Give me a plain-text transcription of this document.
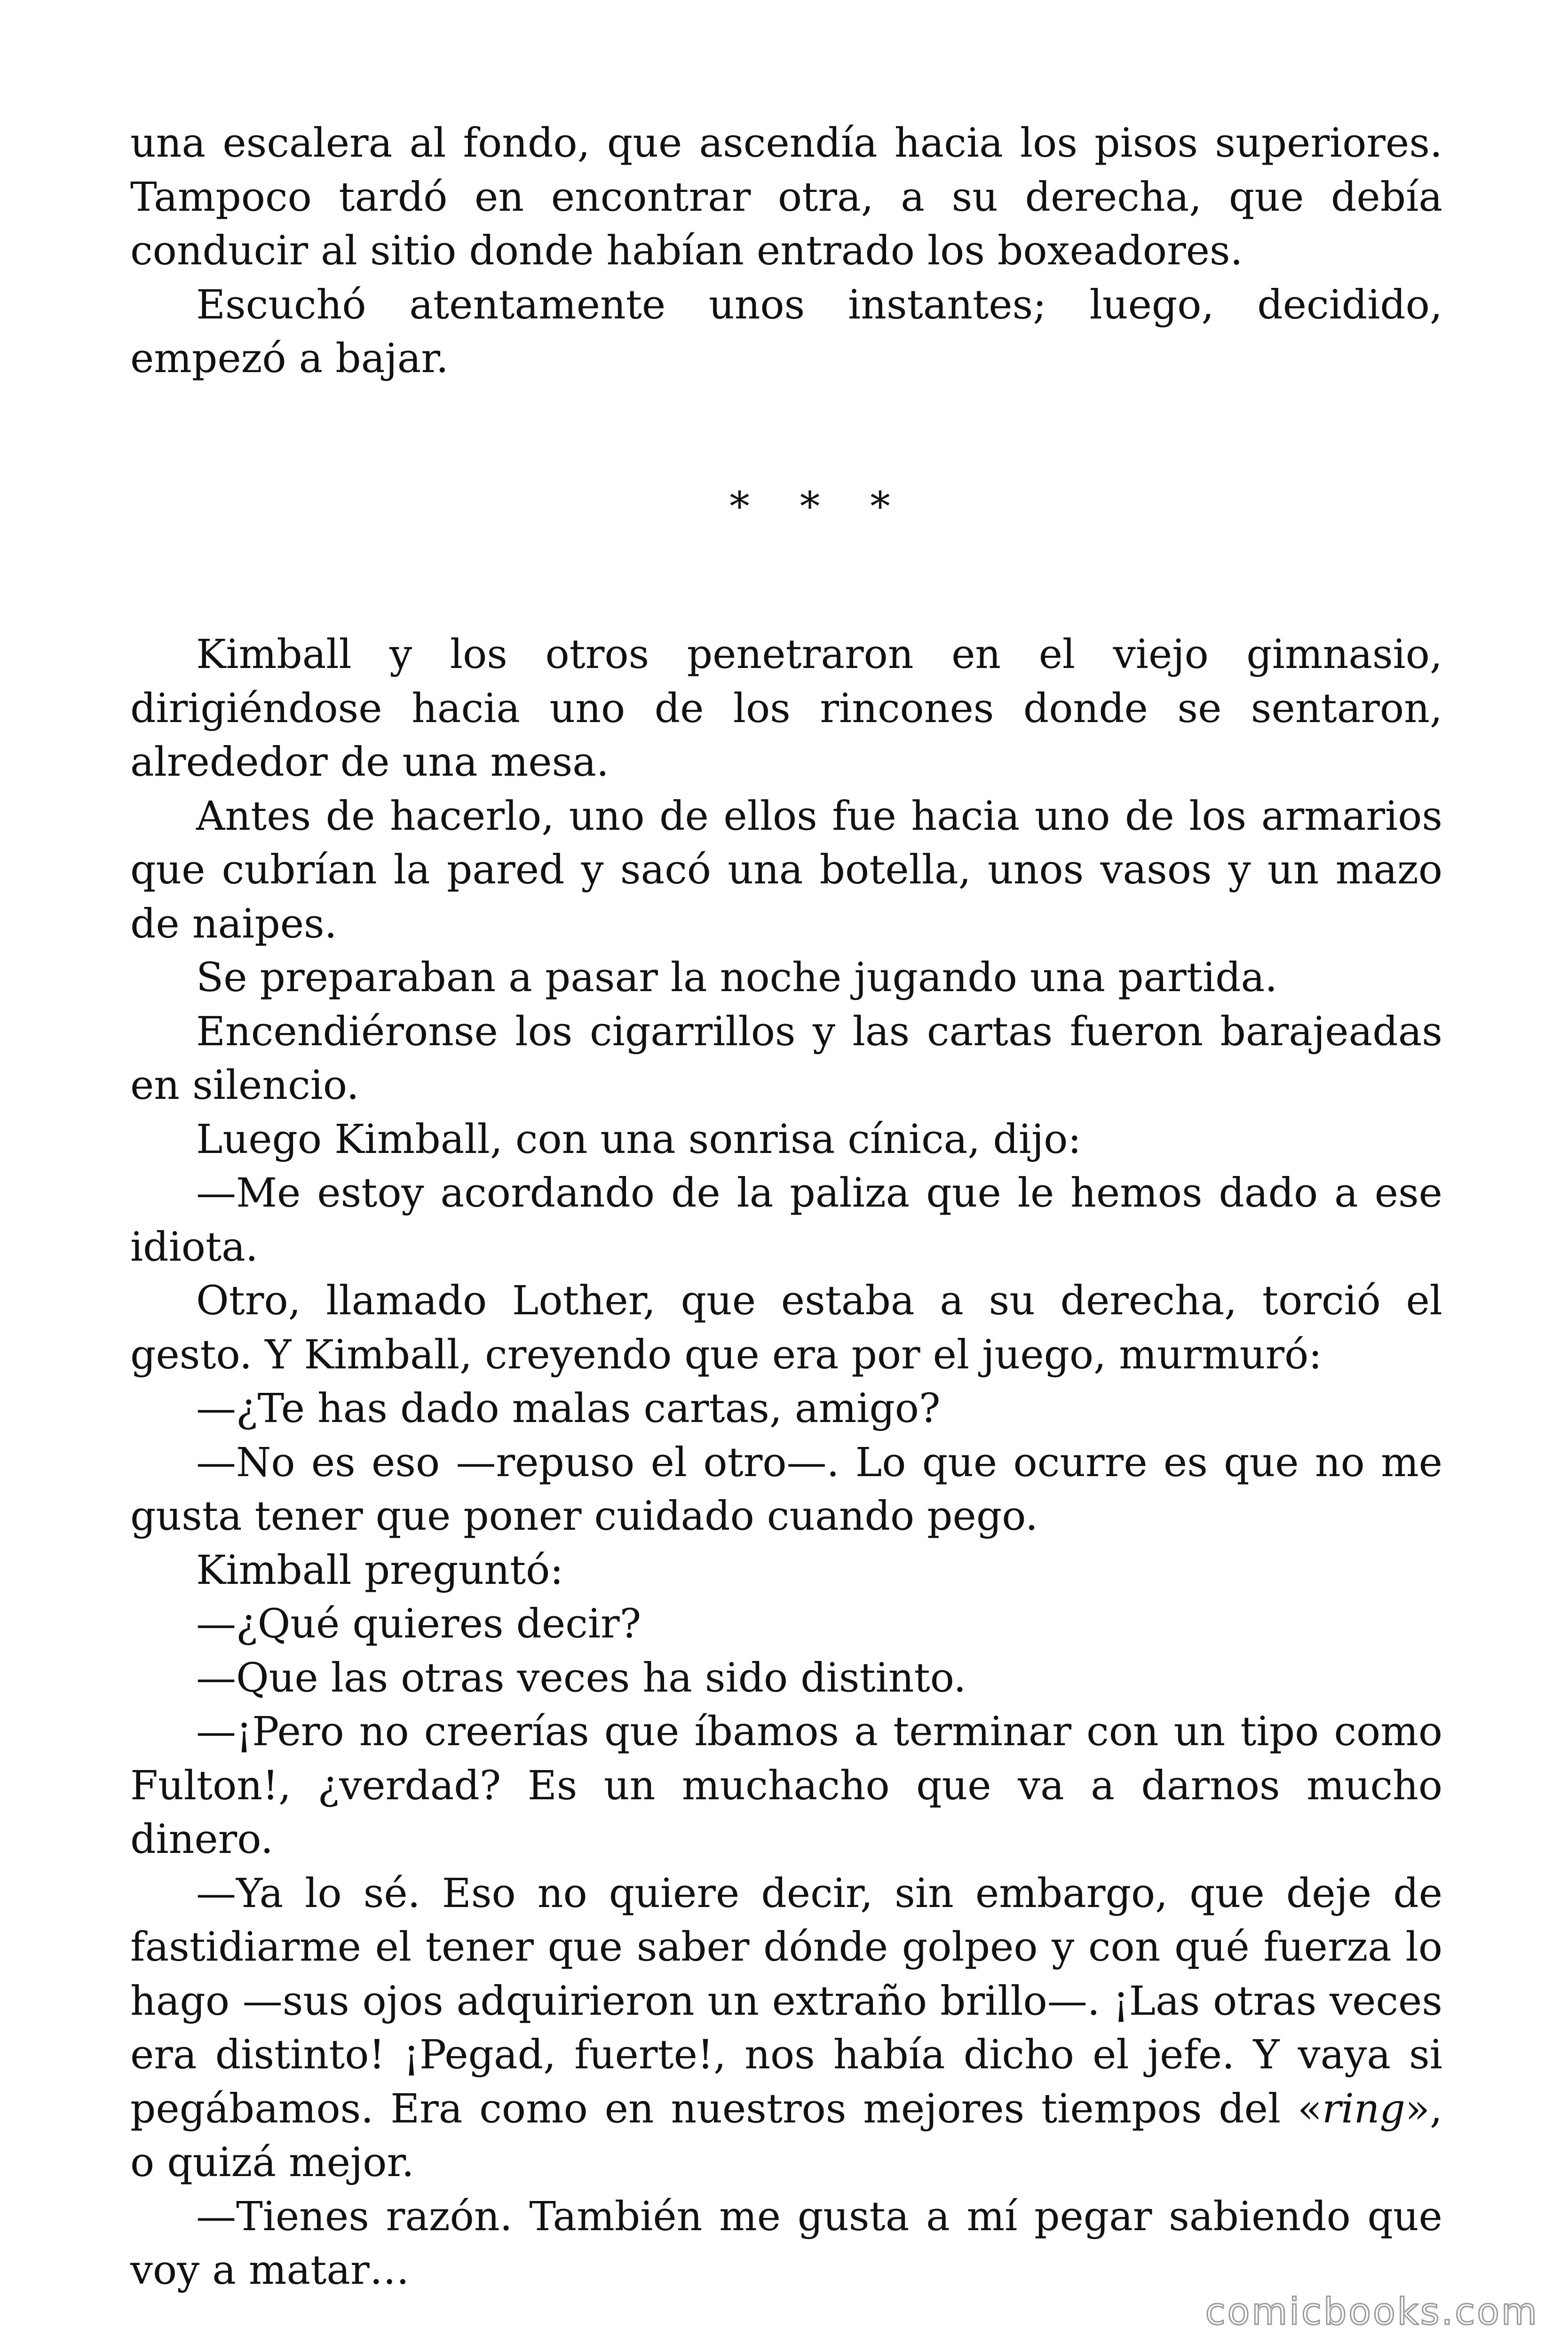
una escalera al fondo, que ascendía hacia los pisos superiores. Tampoco tardó en encontrar otra, a su derecha, que debía conducir al sitio donde habían entrado los boxeadores.

Escuchó atentamente unos instantes; luego, decidido, empezó a bajar.

* * *

Kimball y los otros penetraron en el viejo gimnasio, dirigiéndose hacia uno de los rincones donde se sentaron, alrededor de una mesa.

Antes de hacerlo, uno de ellos fue hacia uno de los armarios que cubrían la pared y sacó una botella, unos vasos y un mazo de naipes.

Se preparaban a pasar la noche jugando una partida.

Encendiéronse los cigarrillos y las cartas fueron barajeadas en silencio.

Luego Kimball, con una sonrisa cínica, dijo:

—Me estoy acordando de la paliza que le hemos dado a ese idiota.

Otro, llamado Lother, que estaba a su derecha, torció el gesto. Y Kimball, creyendo que era por el juego, murmuró:

—¿Te has dado malas cartas, amigo?

—No es eso —repuso el otro—. Lo que ocurre es que no me gusta tener que poner cuidado cuando pego.

Kimball preguntó:

—¿Qué quieres decir?

—Que las otras veces ha sido distinto.

—¡Pero no creerías que íbamos a terminar con un tipo como Fulton!, ¿verdad? Es un muchacho que va a darnos mucho dinero.

—Ya lo sé. Eso no quiere decir, sin embargo, que deje de fastidiarme el tener que saber dónde golpeo y con qué fuerza lo hago —sus ojos adquirieron un extraño brillo—. ¡Las otras veces era distinto! ¡Pegad, fuerte!, nos había dicho el jefe. Y vaya si pegábamos. Era como en nuestros mejores tiempos del «ring», o quizá mejor.

—Tienes razón. También me gusta a mí pegar sabiendo que voy a matar…

comicbooks.com
